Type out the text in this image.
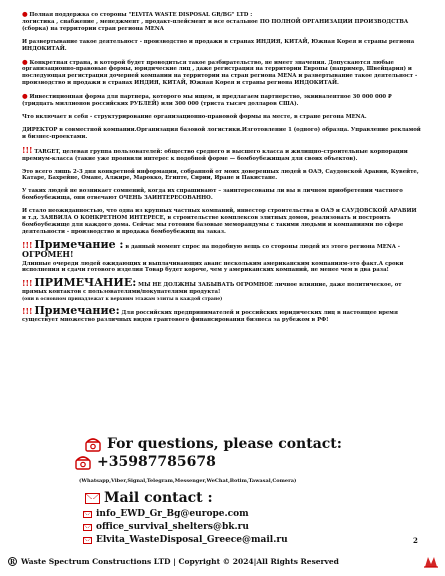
● Полная поддержка со стороны "ELVITA WASTE DISPOSAL GR/BG" LTD :
логистика , снабжение , менеджмент , продакт-плейсмент и все остальное ПО ПОЛНОЙ ОРГАНИЗАЦИИ ПРОИЗВОДСТВА (сборка) на территории стран региона MENA

И развертывание такое деятельност - производство и продажи в странах ИНДИЯ, КИТАЙ, Южная Корея и страны региона ИНДОКИТАЙ.

● Конкретная страна, в которой будет проводиться такое разбирательство, не имеет значения. Допускаются любые организационно-правовые формы, юридические лиц , даже регистрация на территории Европы (например, Швейцария) и последующая регистрация дочерней компании на территории на стран региона MENA и развертывание такое деятельност - производство и продажи в странах ИНДИЯ, КИТАЙ, Южная Корея и страны региона ИНДОКИТАЙ.

● Инвестиционная форма для партнера, которого мы ищем, и предлагаем партнерство, эквивалентное 30 000 000 ₽ (тридцать миллионов российских РУБЛЕЙ) или 300 000 (триста тысяч долларов США).

Что включает в себя - структурирование организационно-правовой формы на месте, в стране регона MENA.

ДИРЕКТОР в совместной компании.Организация базовой логистики.Изготовление 1 (одного) образца. Управление рекламой и бизнес-проектами.

!!! TARGET, целевая группа пользователей: общество среднего и высшего класса и жилищно-строительные корпорации премиум-класса (такие уже проявили интерес к подобной форме — бомбоубежищам для своих объектов).

Это всего лишь 2-3 дня конкретной информации, собранной от моих доверенных людей в ОАЭ, Саудовской Аравии, Кувейте, Катаре, Бахрейне, Омане, Алжире, Марокко, Египте, Сирии, Иране и Пакистане.

У таких людей не возникает сомнений, когда их спрашивают – заинтересованы ли вы в личном приобретении частного бомбоубежища, они отвечают ОЧЕНЬ ЗАИНТЕРЕСОВАННО.

И стало неожиданностью, что одна из крупных частных компаний, инвестор строительства в ОАЭ и САУДОВСКОЙ АРАВИИ и т.д. ЗАЯВИЛА О КОНКРЕТНОМ ИНТЕРЕСЕ, в строительстве комплексов элитных домов, реализовать и построить бомбоубежище для каждого дома. Сейчас мы готовим базовые меморандумы с такими людьми и компаниями по сфере деятельности - производство и продажа бомбоубежищ на заказ.

!!! Примечание : в данный момент спрос на подобную вещь со стороны людей из этого региона MENA - ОГРОМЕН!

Длинные очереди людей ожидающих и выплачивающих аванс нескольким американским компаниям-это факт.А сроки исполнения и сдачи готового изделия Товар будет короче, чем у американских компаний, не менее чем в два раза!

!!! ПРИМЕЧАНИЕ: МЫ НЕ ДОЛЖНЫ ЗАБЫВАТЬ ОГРОМНОЕ личное влияние, даже политическое, от прямых контактов с пользователями/покупателями продукта!
(они в основном принадлежат к верхним этажам элиты в каждой стране)

!!! Примечание: Для российских предпринимателей и российских юридических лиц в настоящее время существует множество различных видов грантового финансирования бизнеса за рубежом в РФ!

For questions, please contact:
+35987785678
(Whatsapp,Viber,Signal,Telegram,Messenger,WeChat,Botim,Tawasal,Comera)
Mail contact :
info_EWD_Gr_Bg@europe.com
office_survival_shelters@bk.ru
Elvita_WasteDisposal_Greece@mail.ru	2
R Waste Spectrum Constructions LTD | Copyright © 2024|All Rights Reserved
